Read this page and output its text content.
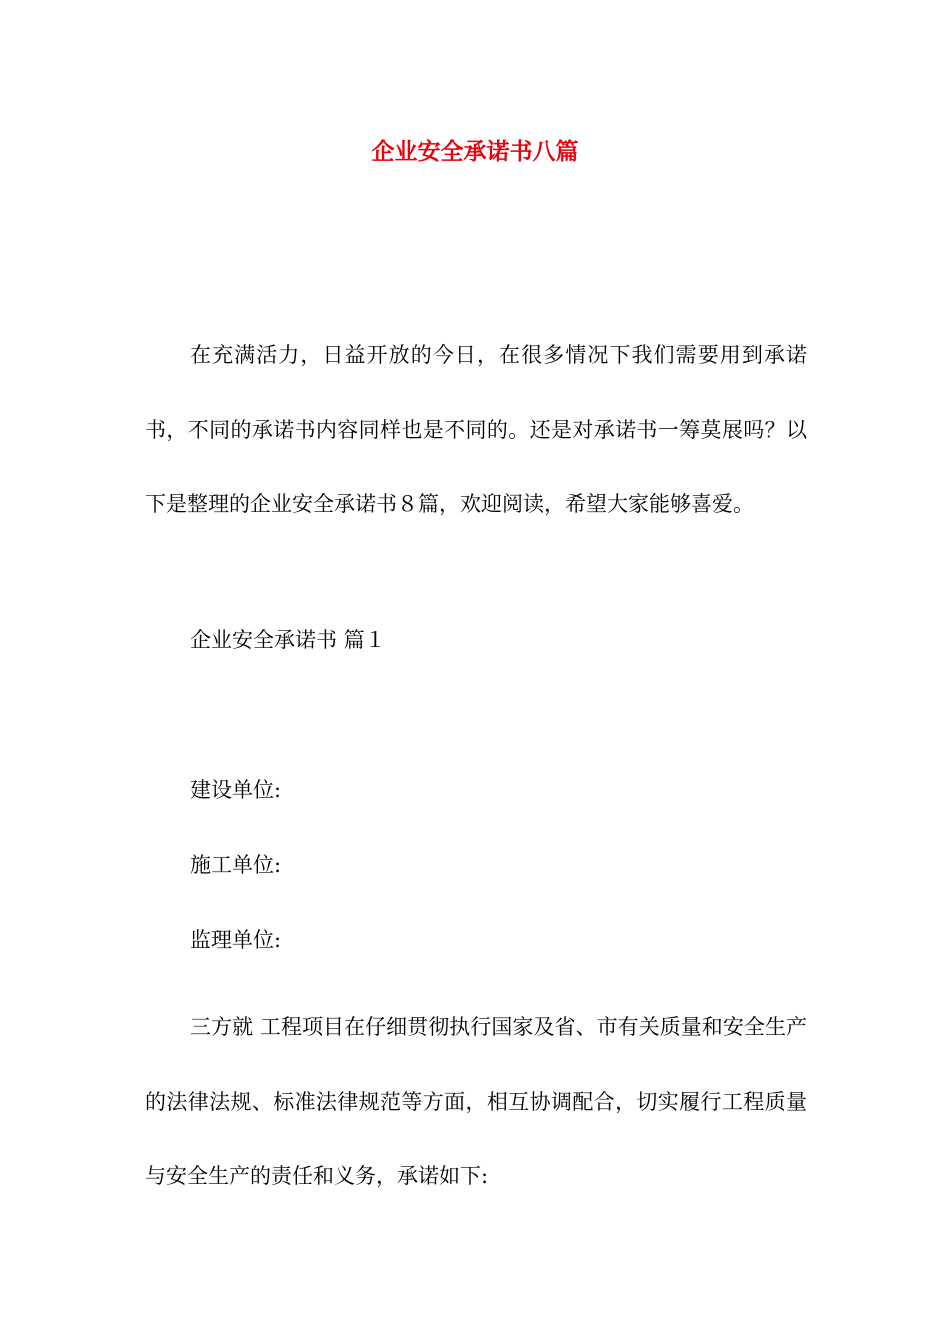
企业安全承诺书八篇

在充满活力，日益开放的今日，在很多情况下我们需要用到承诺书，不同的承诺书内容同样也是不同的。还是对承诺书一筹莫展吗？以下是整理的企业安全承诺书８篇，欢迎阅读，希望大家能够喜爱。

企业安全承诺书 篇１

建设单位:

施工单位:

监理单位:

三方就 工程项目在仔细贯彻执行国家及省、市有关质量和安全生产的法律法规、标准法律规范等方面，相互协调配合，切实履行工程质量与安全生产的责任和义务，承诺如下:
